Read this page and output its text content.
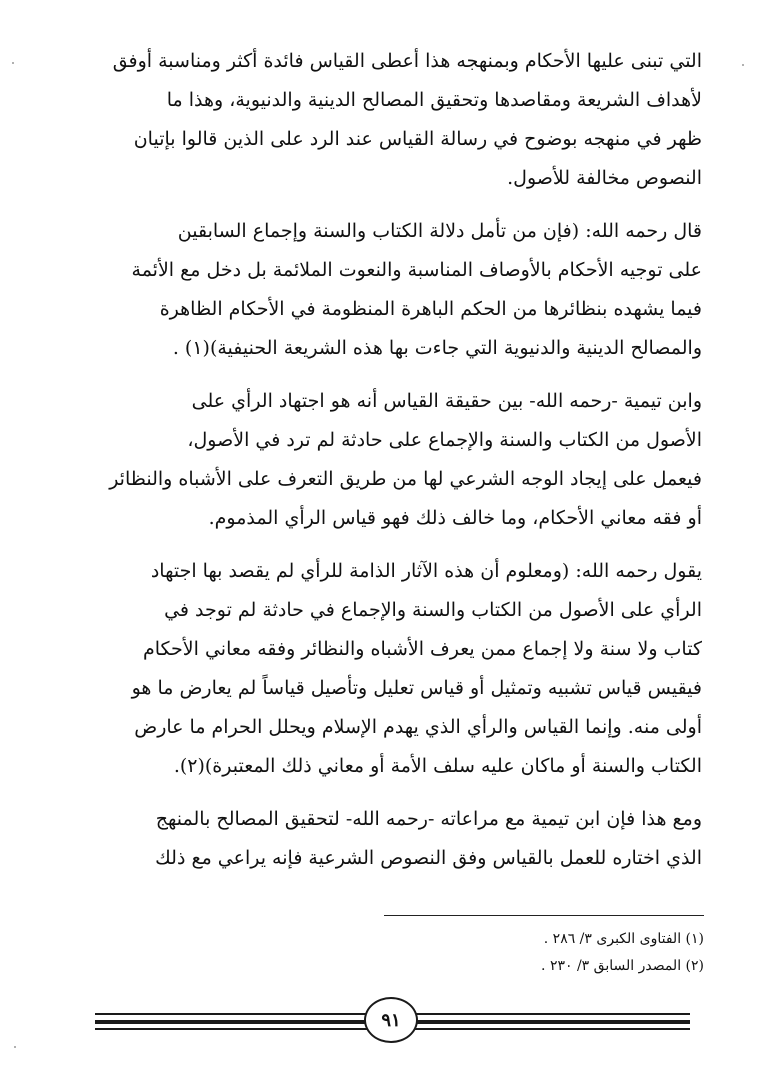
التي تبنى عليها الأحكام وبمنهجه هذا أعطى القياس فائدة أكثر ومناسبة أوفق
لأهداف الشريعة ومقاصدها وتحقيق المصالح الدينية والدنيوية، وهذا ما
ظهر في منهجه بوضوح في رسالة القياس عند الرد على الذين قالوا بإتيان
النصوص مخالفة للأصول.

قال رحمه الله: (فإن من تأمل دلالة الكتاب والسنة وإجماع السابقين
على توجيه الأحكام بالأوصاف المناسبة والنعوت الملائمة بل دخل مع الأئمة
فيما يشهده بنظائرها من الحكم الباهرة المنظومة في الأحكام الظاهرة
والمصالح الدينية والدنيوية التي جاءت بها هذه الشريعة الحنيفية)(١) .

وابن تيمية -رحمه الله- بين حقيقة القياس أنه هو اجتهاد الرأي على
الأصول من الكتاب والسنة والإجماع على حادثة لم ترد في الأصول،
فيعمل على إيجاد الوجه الشرعي لها من طريق التعرف على الأشباه والنظائر
أو فقه معاني الأحكام، وما خالف ذلك فهو قياس الرأي المذموم.

يقول رحمه الله: (ومعلوم أن هذه الآثار الذامة للرأي لم يقصد بها اجتهاد
الرأي على الأصول من الكتاب والسنة والإجماع في حادثة لم توجد في
كتاب ولا سنة ولا إجماع ممن يعرف الأشباه والنظائر وفقه معاني الأحكام
فيقيس قياس تشبيه وتمثيل أو قياس تعليل وتأصيل قياساً لم يعارض ما هو
أولى منه. وإنما القياس والرأي الذي يهدم الإسلام ويحلل الحرام ما عارض
الكتاب والسنة أو ماكان عليه سلف الأمة أو معاني ذلك المعتبرة)(٢).

ومع هذا فإن ابن تيمية مع مراعاته -رحمه الله- لتحقيق المصالح بالمنهج
الذي اختاره للعمل بالقياس وفق النصوص الشرعية فإنه يراعي مع ذلك

(١) الفتاوى الكبرى ٣/ ٢٨٦ .
(٢) المصدر السابق ٣/ ٢٣٠ .
٩١
